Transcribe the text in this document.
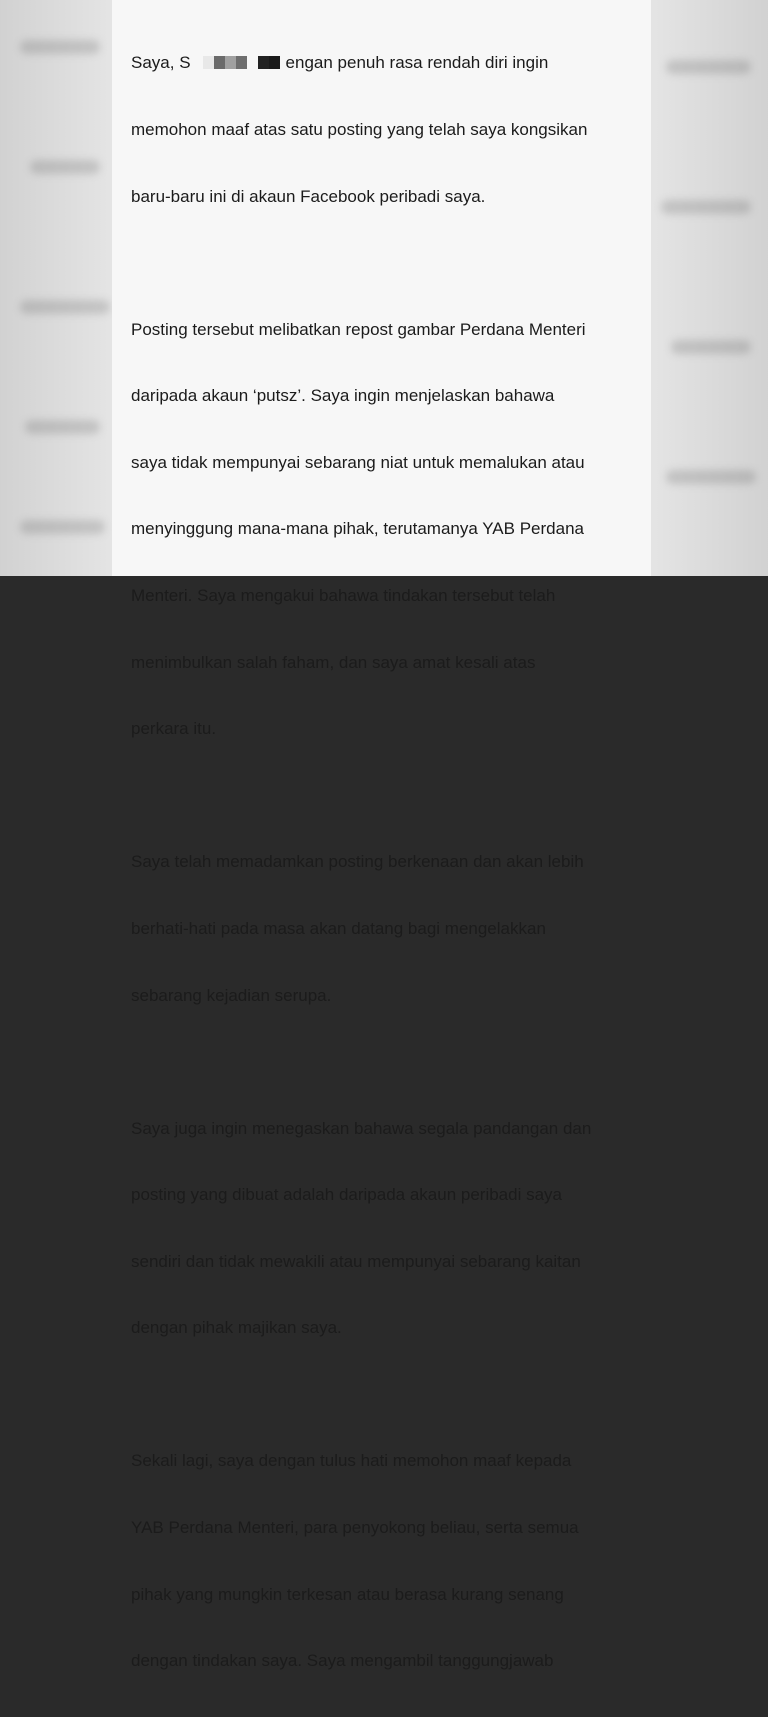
Saya, S	engan penuh rasa rendah diri ingin

memohon maaf atas satu posting yang telah saya kongsikan

baru-baru ini di akaun Facebook peribadi saya.

Posting tersebut melibatkan repost gambar Perdana Menteri

daripada akaun ‘putsz’. Saya ingin menjelaskan bahawa

saya tidak mempunyai sebarang niat untuk memalukan atau

menyinggung mana-mana pihak, terutamanya YAB Perdana

Menteri. Saya mengakui bahawa tindakan tersebut telah

menimbulkan salah faham, dan saya amat kesali atas

perkara itu.

Saya telah memadamkan posting berkenaan dan akan lebih

berhati-hati pada masa akan datang bagi mengelakkan

sebarang kejadian serupa.

Saya juga ingin menegaskan bahawa segala pandangan dan

posting yang dibuat adalah daripada akaun peribadi saya

sendiri dan tidak mewakili atau mempunyai sebarang kaitan

dengan pihak majikan saya.

Sekali lagi, saya dengan tulus hati memohon maaf kepada

YAB Perdana Menteri, para penyokong beliau, serta semua

pihak yang mungkin terkesan atau berasa kurang senang

dengan tindakan saya. Saya mengambil tanggungjawab
